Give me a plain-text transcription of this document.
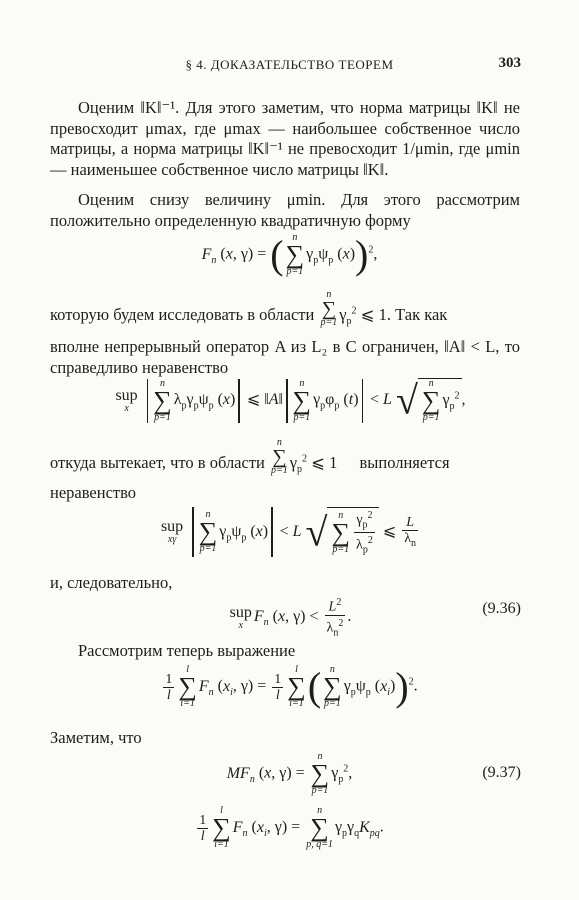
§ 4. ДОКАЗАТЕЛЬСТВО ТЕОРЕМ	303

Оценим ‖K‖⁻¹. Для этого заметим, что норма матрицы ‖K‖ не превосходит μmax, где μmax — наибольшее собственное число матрицы, а норма матрицы ‖K‖⁻¹ не превосходит 1/μmin, где μmin — наименьшее собственное число матрицы ‖K‖.

Оценим снизу величину μmin. Для этого рассмотрим положительно определенную квадратичную форму

$F_n$ (x, γ) = ( n
∑
p=1
$\gamma_p\psi_p$ (x))$^2$,
которую будем исследовать в области
n
∑
p=1 $\gamma_p^2$ ⩽ 1. Так как

вполне непрерывный оператор A из L₂ в C ограничен, ‖A‖ < L, то справедливо неравенство

sup
x

n
∑
p=1
$\lambda_p\gamma_p\psi_p$ (x) ⩽ ‖A‖
n
∑
p=1
$\gamma_p\varphi_p$ (t) < L √	n
∑
p=1
$\gamma_p^2$ ,
откуда вытекает, что в области
n
∑
p=1 $\gamma_p^2$ ⩽ 1 выполняется
неравенство
sup
xγ

n
∑
p=1
$\gamma_p\psi_p$ (x) < L √	n
∑
$p=1 \frac{\gamma_p^2}{\lambda_p^2}$ ⩽ $\frac{L}{\lambda_n}$
и, следовательно,
sup
x $F_n$ (x, $\gamma) < \frac{L^2}{\lambda_n^2}$ .	(9.36)

Рассмотрим теперь выражение

$\frac{1}{l}$
l
∑
i=1
$F_n$ ($x_i$, $\gamma) = \frac{1}{l}$
l
∑
i=1 ( n
∑
p=1
$\gamma_p\psi_p$ $(x_i))^2$.
Заметим, что
$MF_n$ (x, γ) =
n
∑
p=1
$\gamma_p^2$,	(9.37)
$\frac{1}{l}$
l
∑
i=1
$F_n$ ($x_i$, γ) =
n
∑
p, q=1
$\gamma_p\gamma_qK_{pq}$.
